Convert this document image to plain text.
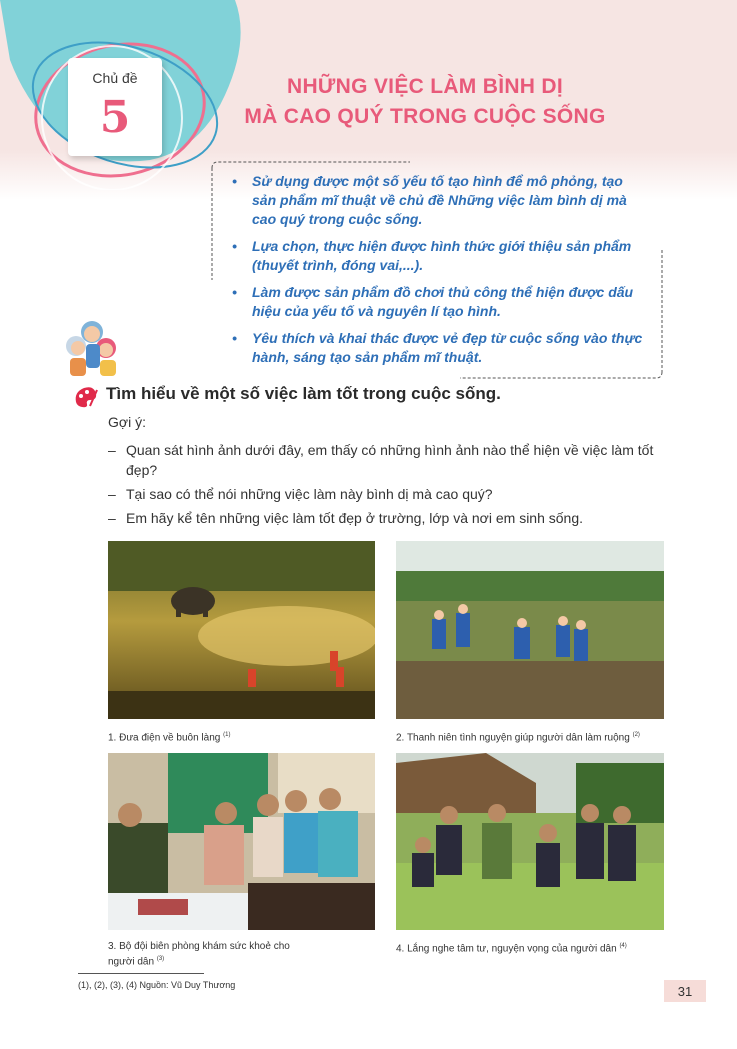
Chủ đề
5
NHỮNG VIỆC LÀM BÌNH DỊ
MÀ CAO QUÝ TRONG CUỘC SỐNG
• Sử dụng được một số yếu tố tạo hình để mô phỏng, tạo sản phẩm mĩ thuật về chủ đề Những việc làm bình dị mà cao quý trong cuộc sống.
• Lựa chọn, thực hiện được hình thức giới thiệu sản phẩm (thuyết trình, đóng vai,...).
• Làm được sản phẩm đồ chơi thủ công thể hiện được dấu hiệu của yếu tố và nguyên lí tạo hình.
• Yêu thích và khai thác được vẻ đẹp từ cuộc sống vào thực hành, sáng tạo sản phẩm mĩ thuật.
Tìm hiểu về một số việc làm tốt trong cuộc sống.
Gợi ý:
– Quan sát hình ảnh dưới đây, em thấy có những hình ảnh nào thể hiện về việc làm tốt đẹp?
– Tại sao có thể nói những việc làm này bình dị mà cao quý?
– Em hãy kể tên những việc làm tốt đẹp ở trường, lớp và nơi em sinh sống.
1. Đưa điện về buôn làng $^{(1)}$	2. Thanh niên tình nguyện giúp người dân làm ruộng $^{(2)}$
3. Bộ đội biên phòng khám sức khoẻ cho
người dân $^{(3)}$
4. Lắng nghe tâm tư, nguyện vọng của người dân $^{(4)}$
(1), (2), (3), (4) Nguồn: Vũ Duy Thương	31
